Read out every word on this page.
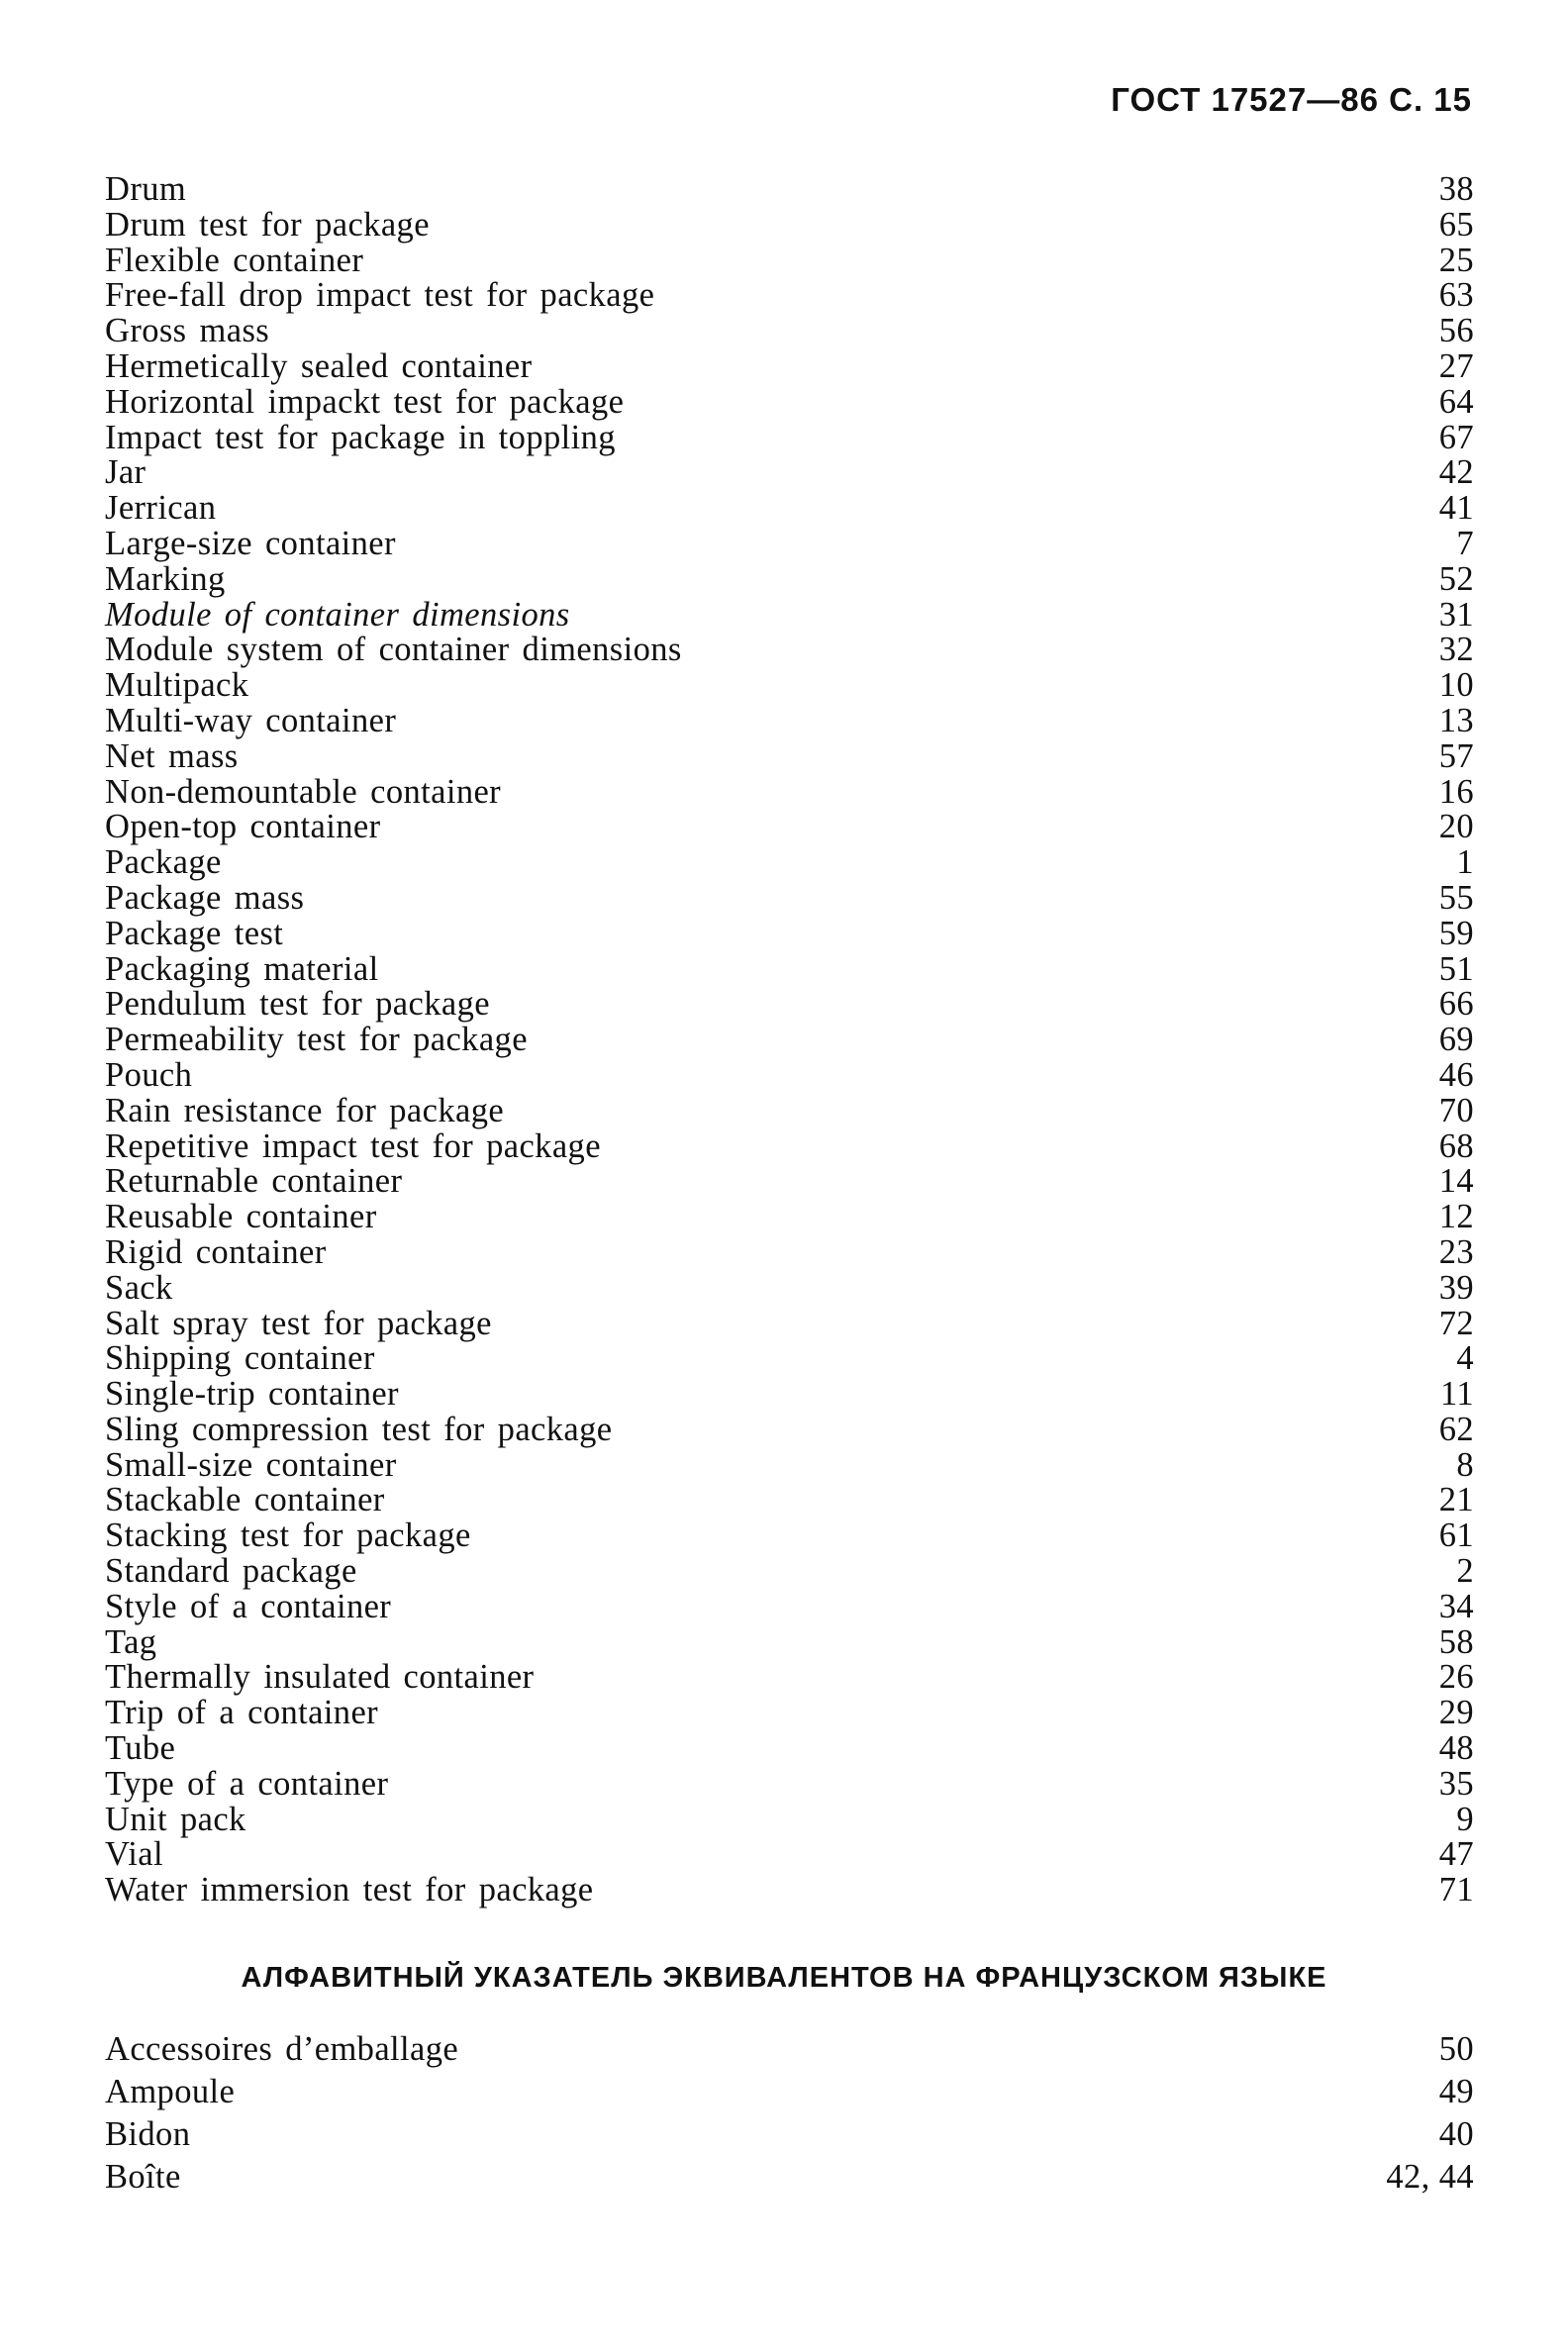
ГОСТ 17527—86 С. 15
Drum	38
Drum test for package	65
Flexible container	25
Free-fall drop impact test for package	63
Gross mass	56
Hermetically sealed container	27
Horizontal impackt test for package	64
Impact test for package in toppling	67
Jar	42
Jerrican	41
Large-size container	7
Marking	52
Module of container dimensions	31
Module system of container dimensions	32
Multipack	10
Multi-way container	13
Net mass	57
Non-demountable container	16
Open-top container	20
Package	1
Package mass	55
Package test	59
Packaging material	51
Pendulum test for package	66
Permeability test for package	69
Pouch	46
Rain resistance for package	70
Repetitive impact test for package	68
Returnable container	14
Reusable container	12
Rigid container	23
Sack	39
Salt spray test for package	72
Shipping container	4
Single-trip container	11
Sling compression test for package	62
Small-size container	8
Stackable container	21
Stacking test for package	61
Standard package	2
Style of a container	34
Tag	58
Thermally insulated container	26
Trip of a container	29
Tube	48
Type of a container	35
Unit pack	9
Vial	47
Water immersion test for package	71
АЛФАВИТНЫЙ УКАЗАТЕЛЬ ЭКВИВАЛЕНТОВ НА ФРАНЦУЗСКОМ ЯЗЫКЕ
Accessoires d’emballage	50
Ampoule	49
Bidon	40
Boîte	42, 44
